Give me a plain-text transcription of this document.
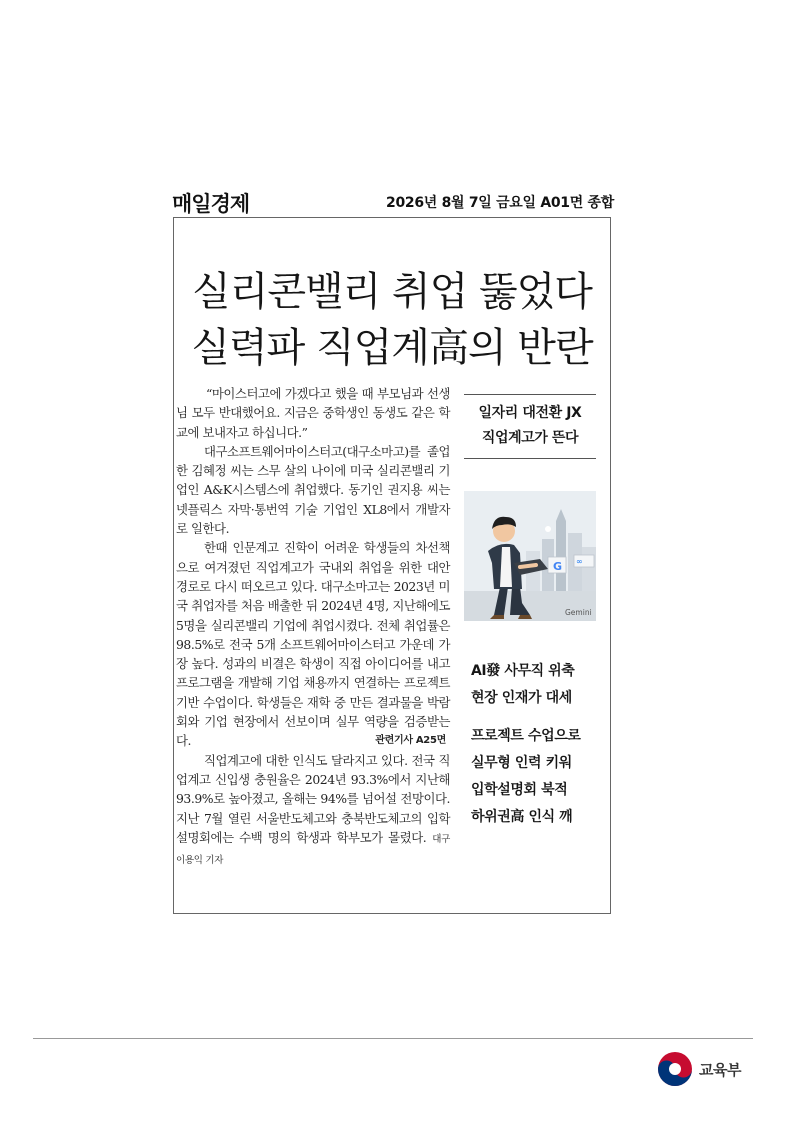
매일경제	2026년 8월 7일 금요일 A01면 종합
실리콘밸리 취업 뚫었다
실력파 직업계高의 반란

“마이스터고에 가겠다고 했을 때 부모님과 선생님 모두 반대했어요. 지금은 중학생인 동생도 같은 학교에 보내자고 하십니다.”

대구소프트웨어마이스터고(대구소마고)를 졸업한 김혜정 씨는 스무 살의 나이에 미국 실리콘밸리 기업인 A&K시스템스에 취업했다. 동기인 권지용 씨는 넷플릭스 자막·통번역 기술 기업인 XL8에서 개발자로 일한다.

한때 인문계고 진학이 어려운 학생들의 차선책으로 여겨졌던 직업계고가 국내외 취업을 위한 대안 경로로 다시 떠오르고 있다. 대구소마고는 2023년 미국 취업자를 처음 배출한 뒤 2024년 4명, 지난해에도 5명을 실리콘밸리 기업에 취업시켰다. 전체 취업률은 98.5%로 전국 5개 소프트웨어마이스터고 가운데 가장 높다. 성과의 비결은 학생이 직접 아이디어를 내고 프로그램을 개발해 기업 채용까지 연결하는 프로젝트 기반 수업이다. 학생들은 재학 중 만든 결과물을 박람회와 기업 현장에서 선보이며 실무 역량을 검증받는다.	관련기사 A25면

직업계고에 대한 인식도 달라지고 있다. 전국 직업계고 신입생 충원율은 2024년 93.3%에서 지난해 93.9%로 높아졌고, 올해는 94%를 넘어설 전망이다. 지난 7월 열린 서울반도체고와 충북반도체고의 입학설명회에는 수백 명의 학생과 학부모가 몰렸다. 대구 이용익 기자

일자리 대전환 JX
직업계고가 뜬다
G ∞
Gemini
AI發 사무직 위축
현장 인재가 대세
프로젝트 수업으로
실무형 인력 키워
입학설명회 북적
하위권高 인식 깨
교육부
